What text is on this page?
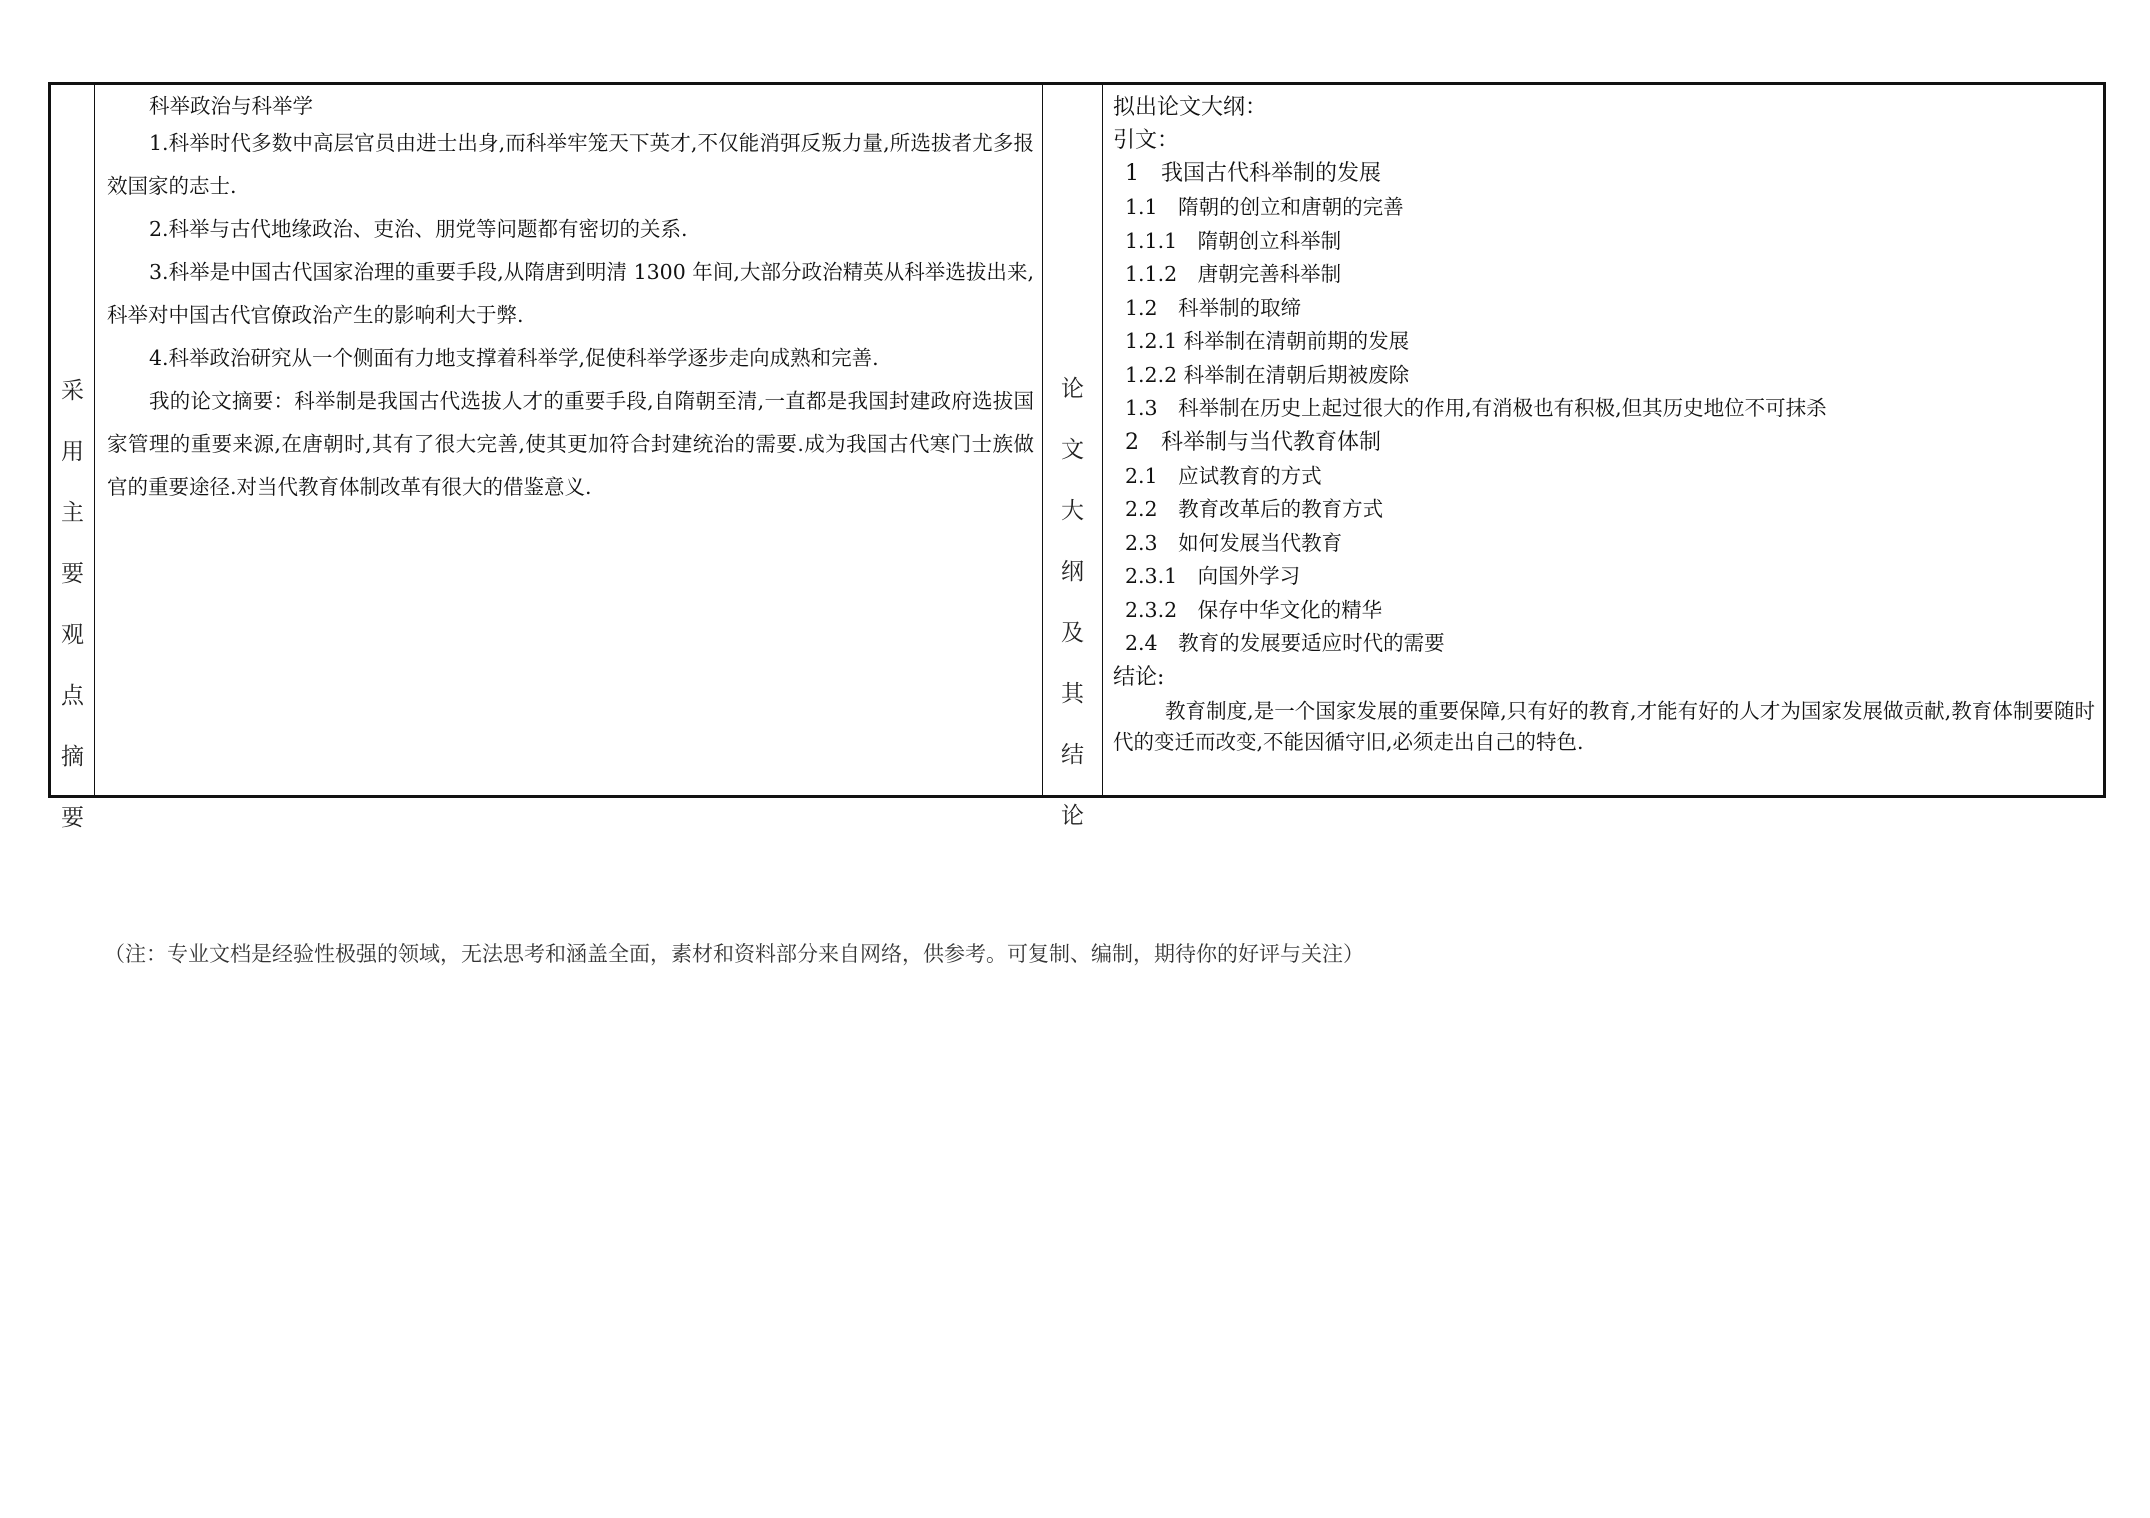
采
用
主
要
观
点
摘
要
科举政治与科举学

1.科举时代多数中高层官员由进士出身,而科举牢笼天下英才,不仅能消弭反叛力量,所选拔者尤多报效国家的志士.

2.科举与古代地缘政治、吏治、朋党等问题都有密切的关系.

3.科举是中国古代国家治理的重要手段,从隋唐到明清 1300 年间,大部分政治精英从科举选拔出来,科举对中国古代官僚政治产生的影响利大于弊.

4.科举政治研究从一个侧面有力地支撑着科举学,促使科举学逐步走向成熟和完善.

我的论文摘要：科举制是我国古代选拔人才的重要手段,自隋朝至清,一直都是我国封建政府选拔国家管理的重要来源,在唐朝时,其有了很大完善,使其更加符合封建统治的需要.成为我国古代寒门士族做官的重要途径.对当代教育体制改革有很大的借鉴意义.

论
文
大
纲
及
其
结
论
拟出论文大纲：
引文：
1　我国古代科举制的发展
1.1　隋朝的创立和唐朝的完善
1.1.1　隋朝创立科举制
1.1.2　唐朝完善科举制
1.2　科举制的取缔
1.2.1 科举制在清朝前期的发展
1.2.2 科举制在清朝后期被废除
1.3　科举制在历史上起过很大的作用,有消极也有积极,但其历史地位不可抹杀
2　科举制与当代教育体制
2.1　应试教育的方式
2.2　教育改革后的教育方式
2.3　如何发展当代教育
2.3.1　向国外学习
2.3.2　保存中华文化的精华
2.4　教育的发展要适应时代的需要
结论:
教育制度,是一个国家发展的重要保障,只有好的教育,才能有好的人才为国家发展做贡献,教育体制要随时代的变迁而改变,不能因循守旧,必须走出自己的特色.
（注：专业文档是经验性极强的领域，无法思考和涵盖全面，素材和资料部分来自网络，供参考。可复制、编制，期待你的好评与关注）
